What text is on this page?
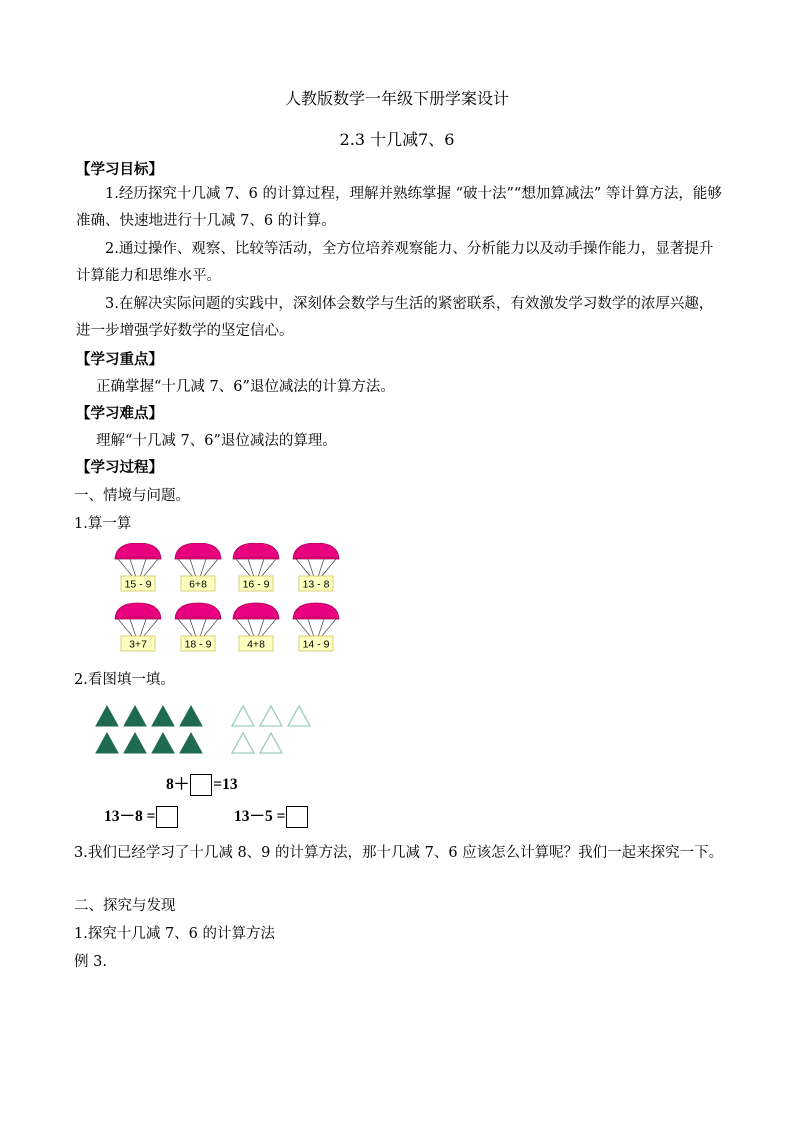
人教版数学一年级下册学案设计
2.3 十几减7、6
【学习目标】
1.经历探究十几减 7、6 的计算过程，理解并熟练掌握 “破十法”“想加算减法” 等计算方法，能够准确、快速地进行十几减 7、6 的计算。
2.通过操作、观察、比较等活动，全方位培养观察能力、分析能力以及动手操作能力，显著提升计算能力和思维水平。
3.在解决实际问题的实践中，深刻体会数学与生活的紧密联系，有效激发学习数学的浓厚兴趣，进一步增强学好数学的坚定信心。
【学习重点】
正确掌握“十几减 7、6”退位减法的计算方法。
【学习难点】
理解“十几减 7、6”退位减法的算理。
【学习过程】
一、情境与问题。
1.算一算
15 - 9	6+8	16 - 9	13 - 8
3+7	18 - 9	4+8	14 - 9
2.看图填一填。
8＋ =13
13－8 =	13－5 =
3.我们已经学习了十几减 8、9 的计算方法，那十几减 7、6 应该怎么计算呢？我们一起来探究一下。
二、探究与发现
1.探究十几减 7、6 的计算方法
例 3.
